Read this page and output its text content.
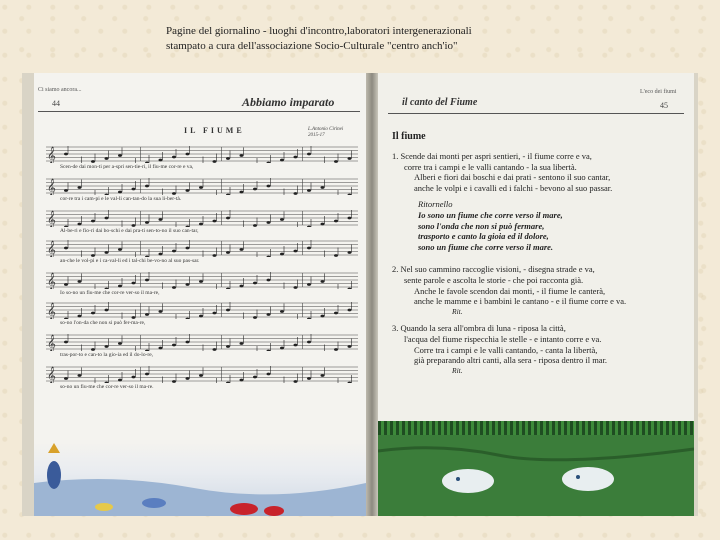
Pagine del giornalino - luoghi d'incontro,laboratori intergenerazionali
stampato a cura dell'associazione Socio-Culturale "centro anch'io"
Ci siamo ancora...
44	Abbiamo imparato
IL FIUME	L.Antonio Cirinei
2015-17
𝄞
Scen-de dai mon-ti per a-spri sen-tie-ri, il fiu-me cor-re e va,
𝄞
cor-re tra i cam-pi e le val-li can-tan-do la sua li-ber-tà.
𝄞
Al-be-ri e fio-ri dai bo-schi e dai pra-ti sen-to-no il suo can-tar,
𝄞
an-che le vol-pi e i ca-val-li ed i tal-chi be-vo-no al suo pas-sar.
𝄞
Io so-no un fiu-me che cor-re ver-so il ma-re,
𝄞
so-no l'on-da che non si può fer-ma-re,
𝄞
tras-por-to e can-to la gio-ia ed il do-lo-re,
𝄞
so-no un fiu-me che cor-re ver-so il ma-re.
L'eco dei fiumi
45
il canto del Fiume
Il fiume
1. Scende dai monti per aspri sentieri, - il fiume corre e va,
corre tra i campi e le valli cantando - la sua libertà.
Alberi e fiori dai boschi e dai prati - sentono il suo cantar,
anche le volpi e i cavalli ed i falchi - bevono al suo passar.
Ritornello
Io sono un fiume che corre verso il mare,
sono l'onda che non si può fermare,
trasporto e canto la gioia ed il dolore,
sono un fiume che corre verso il mare.
2. Nel suo cammino raccoglie visioni, - disegna strade e va,
sente parole e ascolta le storie - che poi racconta già.
Anche le favole scendon dai monti, - il fiume le canterà,
anche le mamme e i bambini le cantano - e il fiume corre e va.
Rit.
3. Quando la sera all'ombra di luna - riposa la città,
l'acqua del fiume rispecchia le stelle - e intanto corre e va.
Corre tra i campi e le valli cantando, - canta la libertà,
già preparando altri canti, alla sera - riposa dentro il mar.
Rit.
